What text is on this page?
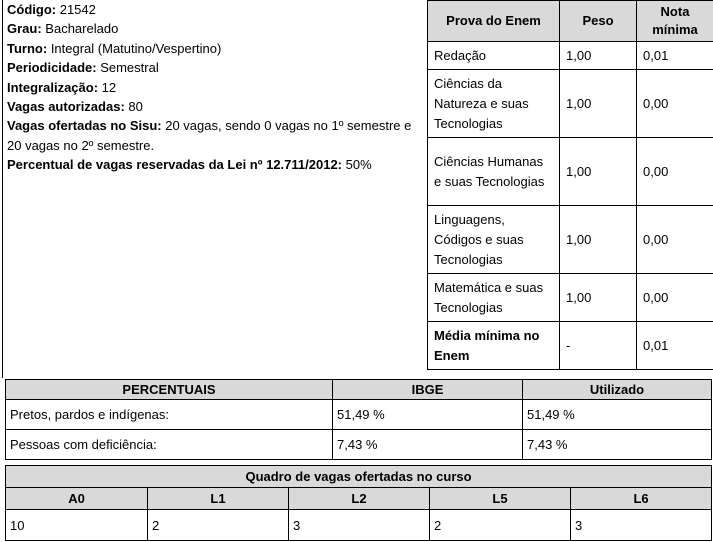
Código: 21542
Grau: Bacharelado
Turno: Integral (Matutino/Vespertino)
Periodicidade: Semestral
Integralização: 12
Vagas autorizadas: 80
Vagas ofertadas no Sisu: 20 vagas, sendo 0 vagas no 1º semestre e 20 vagas no 2º semestre.
Percentual de vagas reservadas da Lei nº 12.711/2012: 50%
Prova do Enem	Peso	Nota mínima
Redação	1,00	0,01
Ciências da Natureza e suas Tecnologias	1,00	0,00
Ciências Humanas e suas Tecnologias	1,00	0,00
Linguagens, Códigos e suas Tecnologias	1,00	0,00
Matemática e suas Tecnologias	1,00	0,00
Média mínima no Enem	-	0,01
PERCENTUAIS	IBGE	Utilizado
Pretos, pardos e indígenas:	51,49 %	51,49 %
Pessoas com deficiência:	7,43 %	7,43 %
Quadro de vagas ofertadas no curso				
A0	L1	L2	L5	L6
10	2	3	2	3
